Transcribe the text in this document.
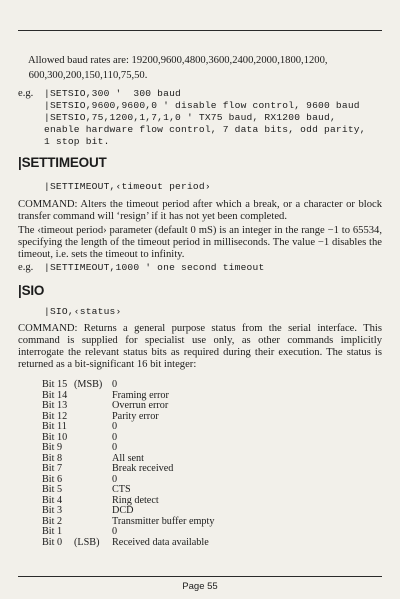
Allowed baud rates are: 19200,9600,4800,3600,2400,2000,1800,1200,

600,300,200,150,110,75,50.

e.g. |SETSIO,300 '  300 baud
|SETSIO,9600,9600,0 ' disable flow control, 9600 baud
|SETSIO,75,1200,1,7,1,0 ' TX75 baud, RX1200 baud,
enable hardware flow control, 7 data bits, odd parity,
1 stop bit.
|SETTIMEOUT
|SETTIMEOUT,‹timeout period›
COMMAND: Alters the timeout period after which a break, or a character or block transfer command will ‘resign’ if it has not yet been completed.
The ‹timeout period› parameter (default 0 mS) is an integer in the range −1 to 65534, specifying the length of the timeout period in milliseconds. The value −1 disables the timeout, i.e. sets the timeout to infinity.
e.g. |SETTIMEOUT,1000 ' one second timeout
|SIO
|SIO,‹status›
COMMAND: Returns a general purpose status from the serial interface. This command is supplied for specialist use only, as other commands implicitly interrogate the relevant status bits as required during their execution. The status is returned as a bit-significant 16 bit integer:
Bit 15	(MSB)	0
Bit 14		Framing error
Bit 13		Overrun error
Bit 12		Parity error
Bit 11		0
Bit 10		0
Bit 9		0
Bit 8		All sent
Bit 7		Break received
Bit 6		0
Bit 5		CTS
Bit 4		Ring detect
Bit 3		DCD
Bit 2		Transmitter buffer empty
Bit 1		0
Bit 0	(LSB)	Received data available
Page 55
